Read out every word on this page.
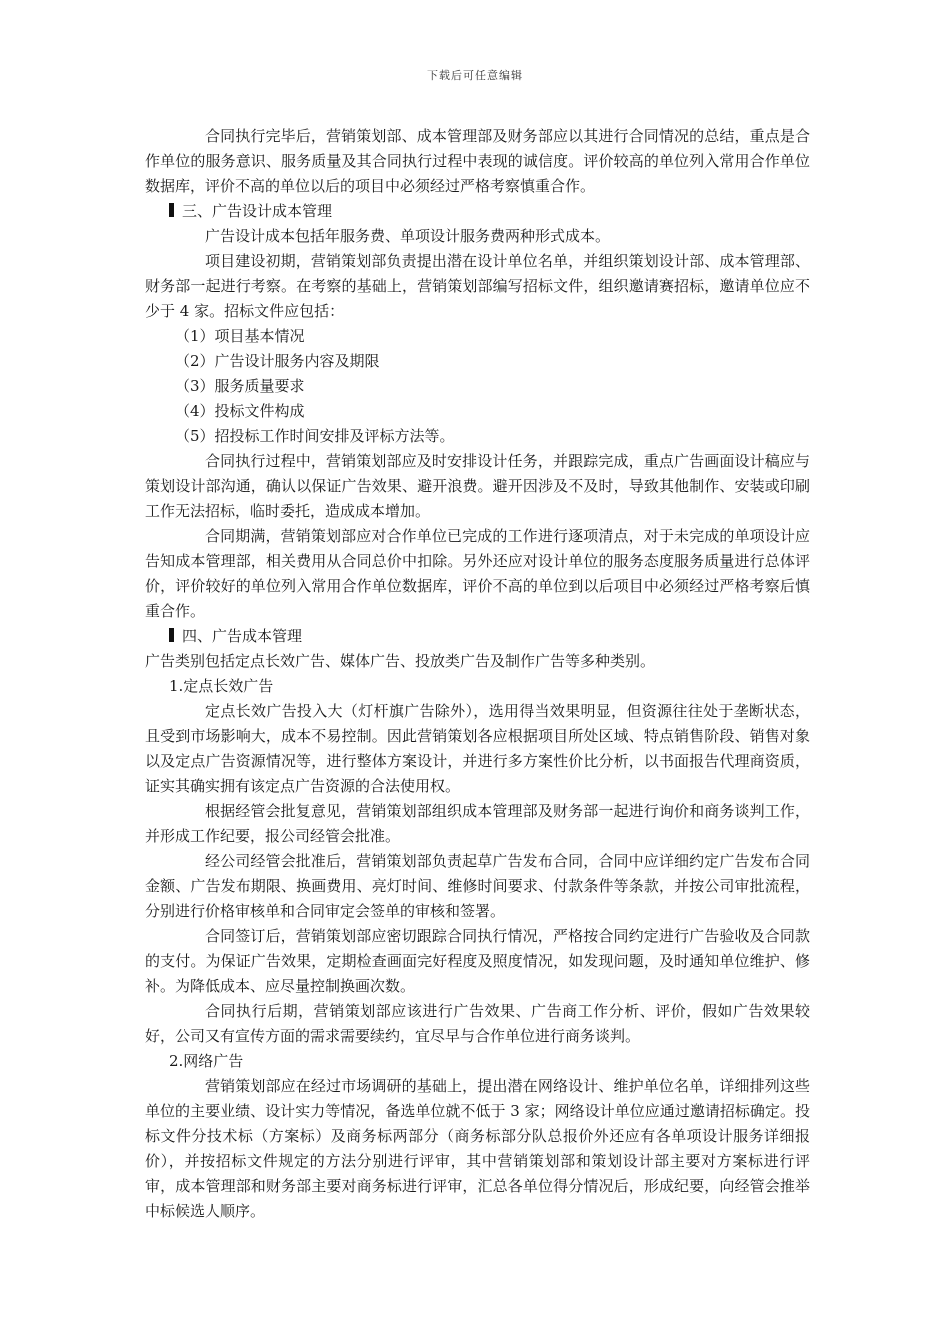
下载后可任意编辑

合同执行完毕后，营销策划部、成本管理部及财务部应以其进行合同情况的总结，重点是合作单位的服务意识、服务质量及其合同执行过程中表现的诚信度。评价较高的单位列入常用合作单位数据库，评价不高的单位以后的项目中必须经过严格考察慎重合作。

三、广告设计成本管理

广告设计成本包括年服务费、单项设计服务费两种形式成本。

项目建设初期，营销策划部负责提出潜在设计单位名单，并组织策划设计部、成本管理部、财务部一起进行考察。在考察的基础上，营销策划部编写招标文件，组织邀请赛招标，邀请单位应不少于 4 家。招标文件应包括：

（1）项目基本情况

（2）广告设计服务内容及期限

（3）服务质量要求

（4）投标文件构成

（5）招投标工作时间安排及评标方法等。

合同执行过程中，营销策划部应及时安排设计任务，并跟踪完成，重点广告画面设计稿应与策划设计部沟通，确认以保证广告效果、避开浪费。避开因涉及不及时，导致其他制作、安装或印刷工作无法招标，临时委托，造成成本增加。

合同期满，营销策划部应对合作单位已完成的工作进行逐项清点，对于未完成的单项设计应告知成本管理部，相关费用从合同总价中扣除。另外还应对设计单位的服务态度服务质量进行总体评价，评价较好的单位列入常用合作单位数据库，评价不高的单位到以后项目中必须经过严格考察后慎重合作。

四、广告成本管理

广告类别包括定点长效广告、媒体广告、投放类广告及制作广告等多种类别。

1.定点长效广告

定点长效广告投入大（灯杆旗广告除外），选用得当效果明显，但资源往往处于垄断状态，且受到市场影响大，成本不易控制。因此营销策划各应根据项目所处区域、特点销售阶段、销售对象以及定点广告资源情况等，进行整体方案设计，并进行多方案性价比分析，以书面报告代理商资质，证实其确实拥有该定点广告资源的合法使用权。

根据经管会批复意见，营销策划部组织成本管理部及财务部一起进行询价和商务谈判工作，并形成工作纪要，报公司经管会批准。

经公司经管会批准后，营销策划部负责起草广告发布合同，合同中应详细约定广告发布合同金额、广告发布期限、换画费用、亮灯时间、维修时间要求、付款条件等条款，并按公司审批流程，分别进行价格审核单和合同审定会签单的审核和签署。

合同签订后，营销策划部应密切跟踪合同执行情况，严格按合同约定进行广告验收及合同款的支付。为保证广告效果，定期检查画面完好程度及照度情况，如发现问题，及时通知单位维护、修补。为降低成本、应尽量控制换画次数。

合同执行后期，营销策划部应该进行广告效果、广告商工作分析、评价，假如广告效果较好，公司又有宣传方面的需求需要续约，宜尽早与合作单位进行商务谈判。

2.网络广告

营销策划部应在经过市场调研的基础上，提出潜在网络设计、维护单位名单，详细排列这些单位的主要业绩、设计实力等情况，备选单位就不低于 3 家；网络设计单位应通过邀请招标确定。投标文件分技术标（方案标）及商务标两部分（商务标部分队总报价外还应有各单项设计服务详细报价），并按招标文件规定的方法分别进行评审，其中营销策划部和策划设计部主要对方案标进行评审，成本管理部和财务部主要对商务标进行评审，汇总各单位得分情况后，形成纪要，向经管会推举中标候选人顺序。
